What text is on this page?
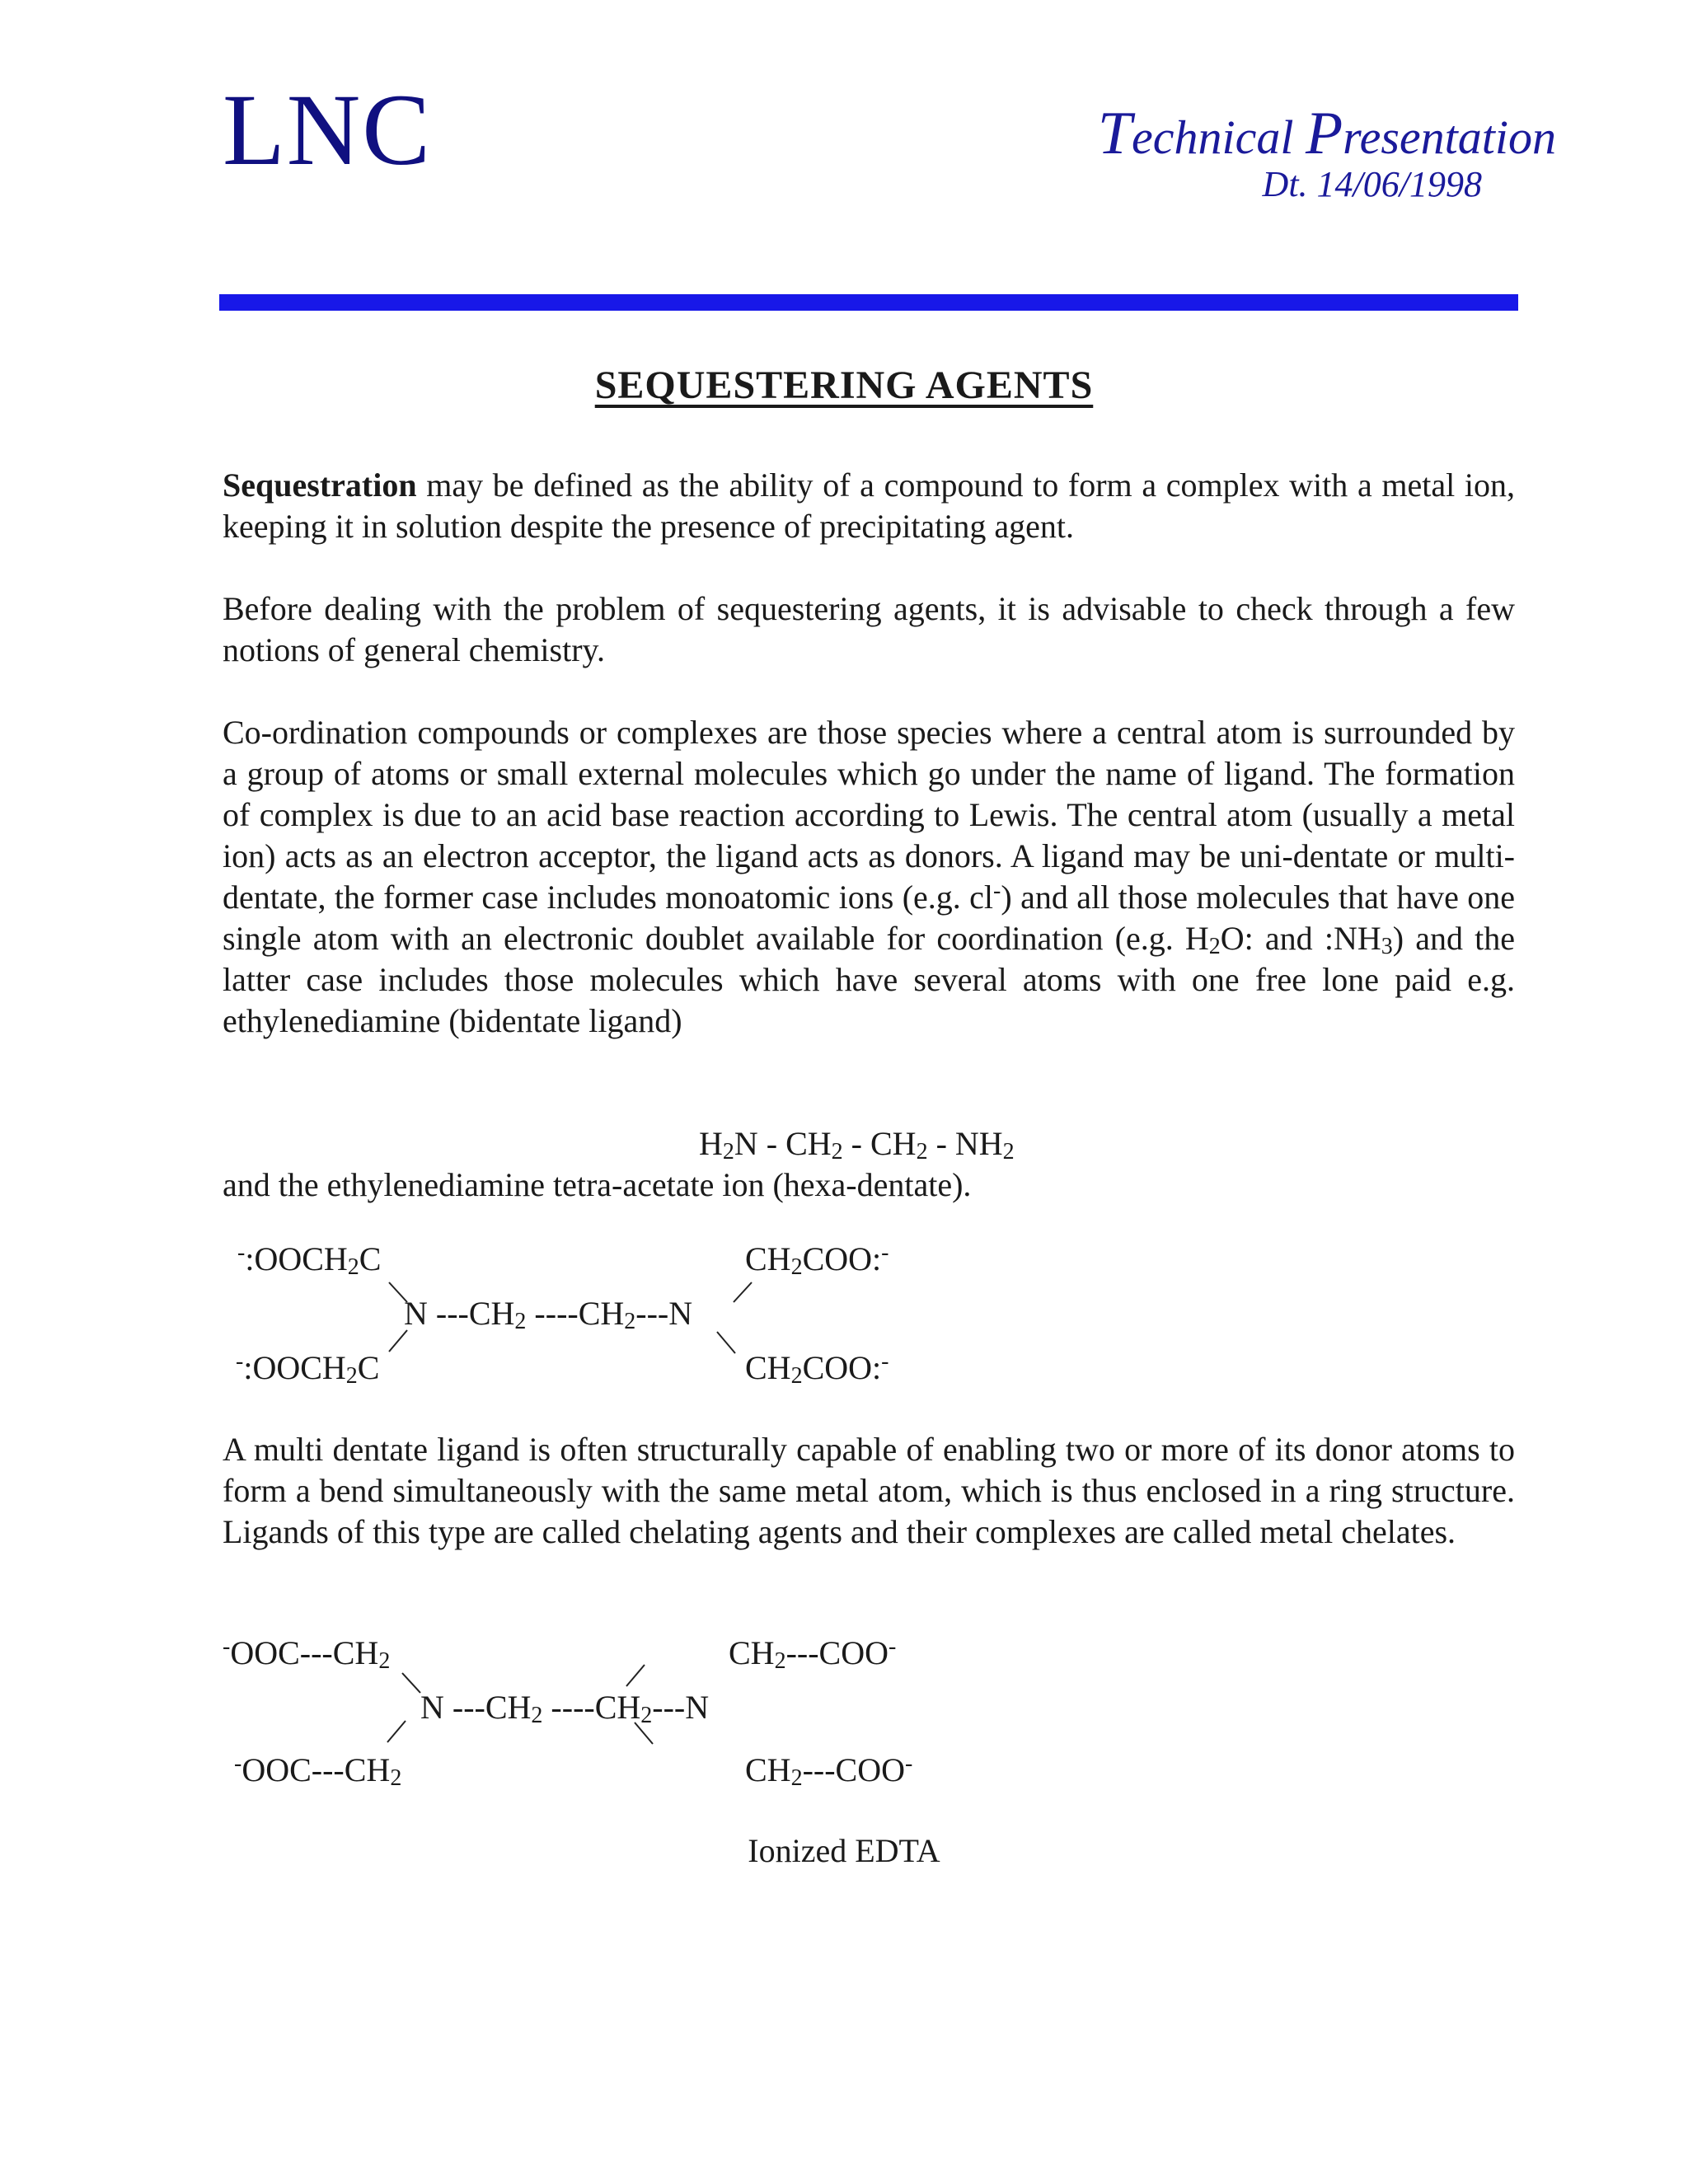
LNC	Technical Presentation
Dt. 14/06/1998
SEQUESTERING AGENTS
Sequestration may be defined as the ability of a compound to form a complex with a metal ion, keeping it in solution despite the presence of precipitating agent.
Before dealing with the problem of sequestering agents, it is advisable to check through a few notions of general chemistry.
Co-ordination compounds or complexes are those species where a central atom is surrounded by a group of atoms or small external molecules which go under the name of ligand. The formation of complex is due to an acid base reaction according to Lewis. The central atom (usually a metal ion) acts as an electron acceptor, the ligand acts as donors. A ligand may be uni-dentate or multi-dentate, the former case includes monoatomic ions (e.g. cl-) and all those molecules that have one single atom with an electronic doublet available for coordination (e.g. $H_2O$: and $:NH_3$) and the latter case includes those molecules which have several atoms with one free lone paid e.g. ethylenediamine (bidentate ligand)
$H_2N - CH_2 - CH_2 - NH_2$
and the ethylenediamine tetra-acetate ion (hexa-dentate).
$^-:OOCH_2C$
$^-:OOCH_2C$
$CH_2COO:^-$
$CH_2COO:^-$
N $---CH_2$ $----CH_2---N$
A multi dentate ligand is often structurally capable of enabling two or more of its donor atoms to form a bend simultaneously with the same metal atom, which is thus enclosed in a ring structure. Ligands of this type are called chelating agents and their complexes are called metal chelates.
$^-OOC---CH_2$
$^-OOC---CH_2$
$CH_2---COO^-$
$CH_2---COO^-$
N $---CH_2$ $----CH_2---N$
Ionized EDTA
